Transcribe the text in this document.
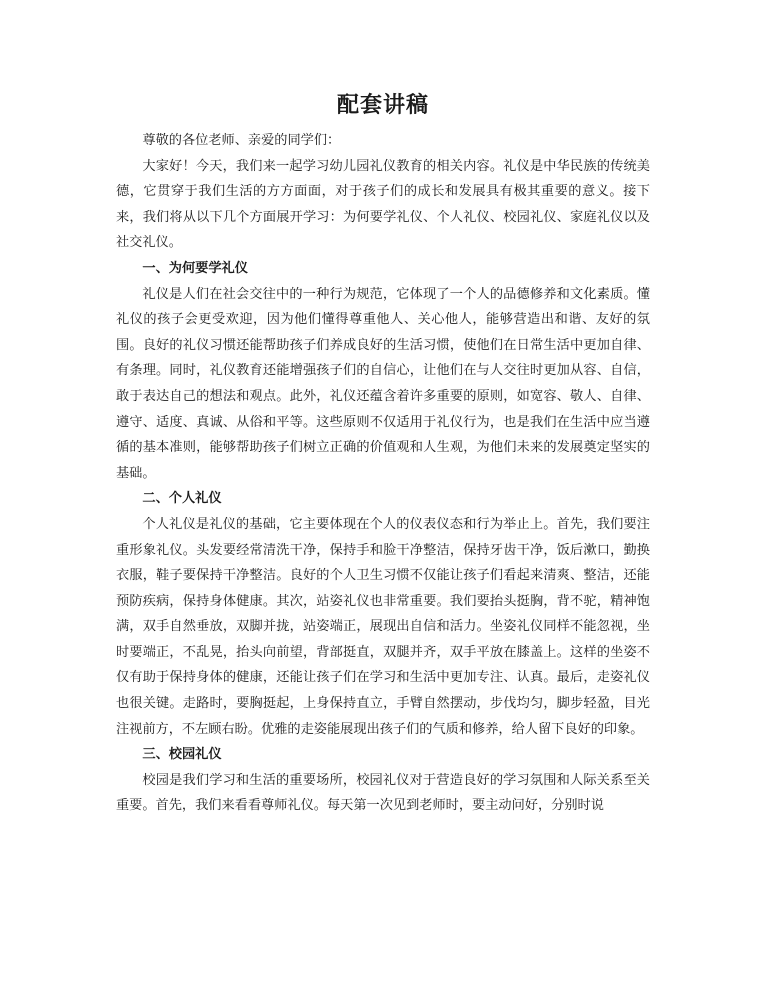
配套讲稿

尊敬的各位老师、亲爱的同学们：

大家好！今天，我们来一起学习幼儿园礼仪教育的相关内容。礼仪是中华民族的传统美德，它贯穿于我们生活的方方面面，对于孩子们的成长和发展具有极其重要的意义。接下来，我们将从以下几个方面展开学习：为何要学礼仪、个人礼仪、校园礼仪、家庭礼仪以及社交礼仪。

一、为何要学礼仪

礼仪是人们在社会交往中的一种行为规范，它体现了一个人的品德修养和文化素质。懂礼仪的孩子会更受欢迎，因为他们懂得尊重他人、关心他人，能够营造出和谐、友好的氛围。良好的礼仪习惯还能帮助孩子们养成良好的生活习惯，使他们在日常生活中更加自律、有条理。同时，礼仪教育还能增强孩子们的自信心，让他们在与人交往时更加从容、自信，敢于表达自己的想法和观点。此外，礼仪还蕴含着许多重要的原则，如宽容、敬人、自律、遵守、适度、真诚、从俗和平等。这些原则不仅适用于礼仪行为，也是我们在生活中应当遵循的基本准则，能够帮助孩子们树立正确的价值观和人生观，为他们未来的发展奠定坚实的基础。

二、个人礼仪

个人礼仪是礼仪的基础，它主要体现在个人的仪表仪态和行为举止上。首先，我们要注重形象礼仪。头发要经常清洗干净，保持手和脸干净整洁，保持牙齿干净，饭后漱口，勤换衣服，鞋子要保持干净整洁。良好的个人卫生习惯不仅能让孩子们看起来清爽、整洁，还能预防疾病，保持身体健康。其次，站姿礼仪也非常重要。我们要抬头挺胸，背不驼，精神饱满，双手自然垂放，双脚并拢，站姿端正，展现出自信和活力。坐姿礼仪同样不能忽视，坐时要端正，不乱晃，抬头向前望，背部挺直，双腿并齐，双手平放在膝盖上。这样的坐姿不仅有助于保持身体的健康，还能让孩子们在学习和生活中更加专注、认真。最后，走姿礼仪也很关键。走路时，要胸挺起，上身保持直立，手臂自然摆动，步伐均匀，脚步轻盈，目光注视前方，不左顾右盼。优雅的走姿能展现出孩子们的气质和修养，给人留下良好的印象。

三、校园礼仪

校园是我们学习和生活的重要场所，校园礼仪对于营造良好的学习氛围和人际关系至关重要。首先，我们来看看尊师礼仪。每天第一次见到老师时，要主动问好，分别时说
